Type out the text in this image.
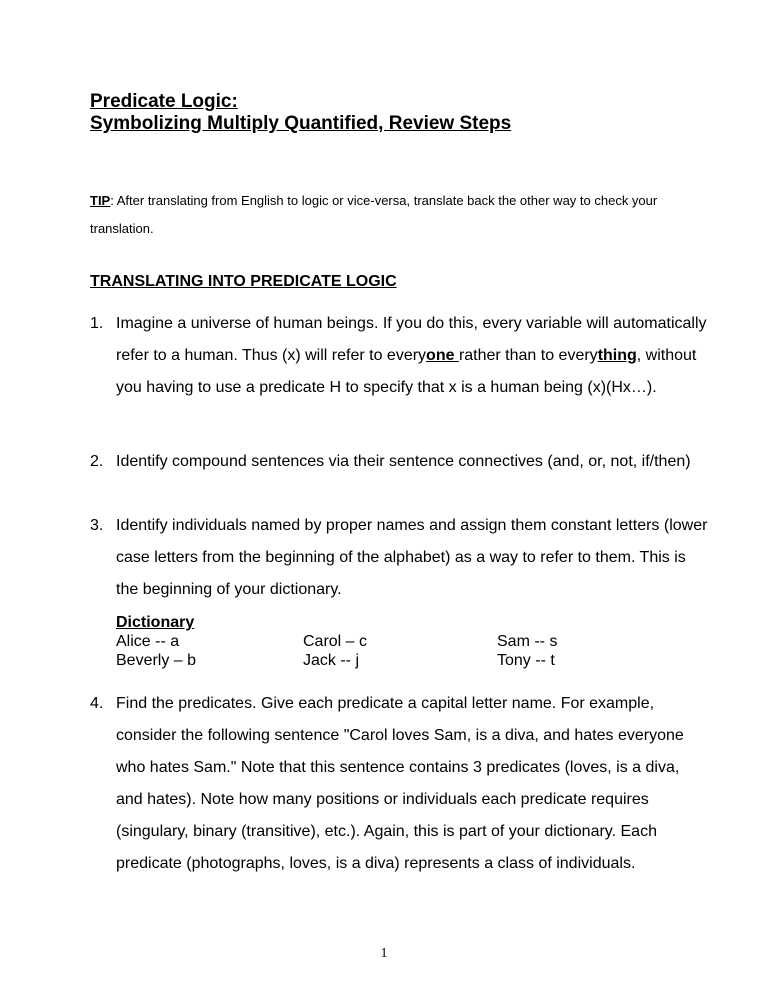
Predicate Logic:
Symbolizing Multiply Quantified, Review Steps

TIP: After translating from English to logic or vice-versa, translate back the other way to check your translation.

TRANSLATING INTO PREDICATE LOGIC
1. Imagine a universe of human beings. If you do this, every variable will automatically refer to a human. Thus (x) will refer to everyone rather than to everything, without you having to use a predicate H to specify that x is a human being (x)(Hx…).
2. Identify compound sentences via their sentence connectives (and, or, not, if/then)
3. Identify individuals named by proper names and assign them constant letters (lower case letters from the beginning of the alphabet) as a way to refer to them. This is the beginning of your dictionary.

Dictionary

Alice -- a
Beverly – b
Carol – c
Jack -- j
Sam -- s
Tony -- t
4. Find the predicates. Give each predicate a capital letter name. For example, consider the following sentence "Carol loves Sam, is a diva, and hates everyone who hates Sam." Note that this sentence contains 3 predicates (loves, is a diva, and hates). Note how many positions or individuals each predicate requires (singulary, binary (transitive), etc.). Again, this is part of your dictionary. Each predicate (photographs, loves, is a diva) represents a class of individuals.
1
